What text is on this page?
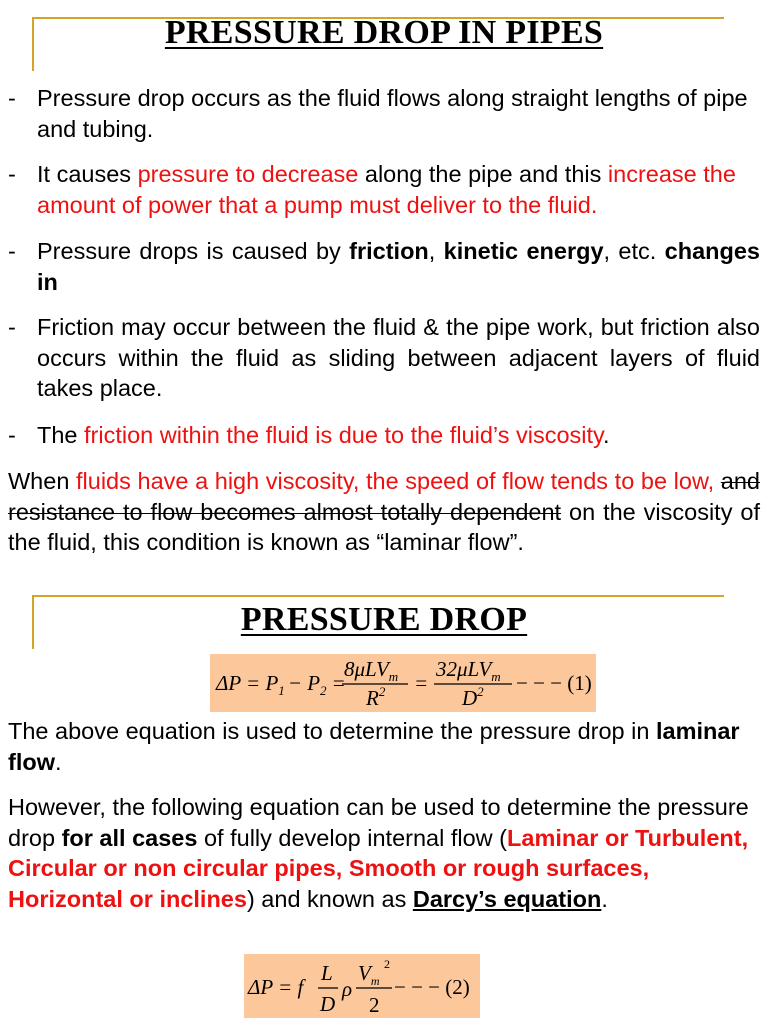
PRESSURE DROP IN PIPES
- Pressure drop occurs as the fluid flows along straight lengths of pipe and tubing.
- It causes pressure to decrease along the pipe and this increase the amount of power that a pump must deliver to the fluid.
- Pressure drops is caused by friction, kinetic energy, etc. changes in
- Friction may occur between the fluid & the pipe work, but friction also occurs within the fluid as sliding between adjacent layers of fluid takes place.
- The friction within the fluid is due to the fluid’s viscosity.
When fluids have a high viscosity, the speed of flow tends to be low, and resistance to flow becomes almost totally dependent on the viscosity of the fluid, this condition is known as “laminar flow”.
PRESSURE DROP
$\Delta P = P_1 - P_2$ =
8μLV$_m$
$R^2$ =
32μLV$_m$
$D^2$ − − − (1)
The above equation is used to determine the pressure drop in laminar flow.
However, the following equation can be used to determine the pressure drop for all cases of fully develop internal flow (Laminar or Turbulent, Circular or non circular pipes, Smooth or rough surfaces, Horizontal or inclines) and known as Darcy’s equation.
ΔP = f
L
D
ρ
$V_m$
2
2
− − − (2)
